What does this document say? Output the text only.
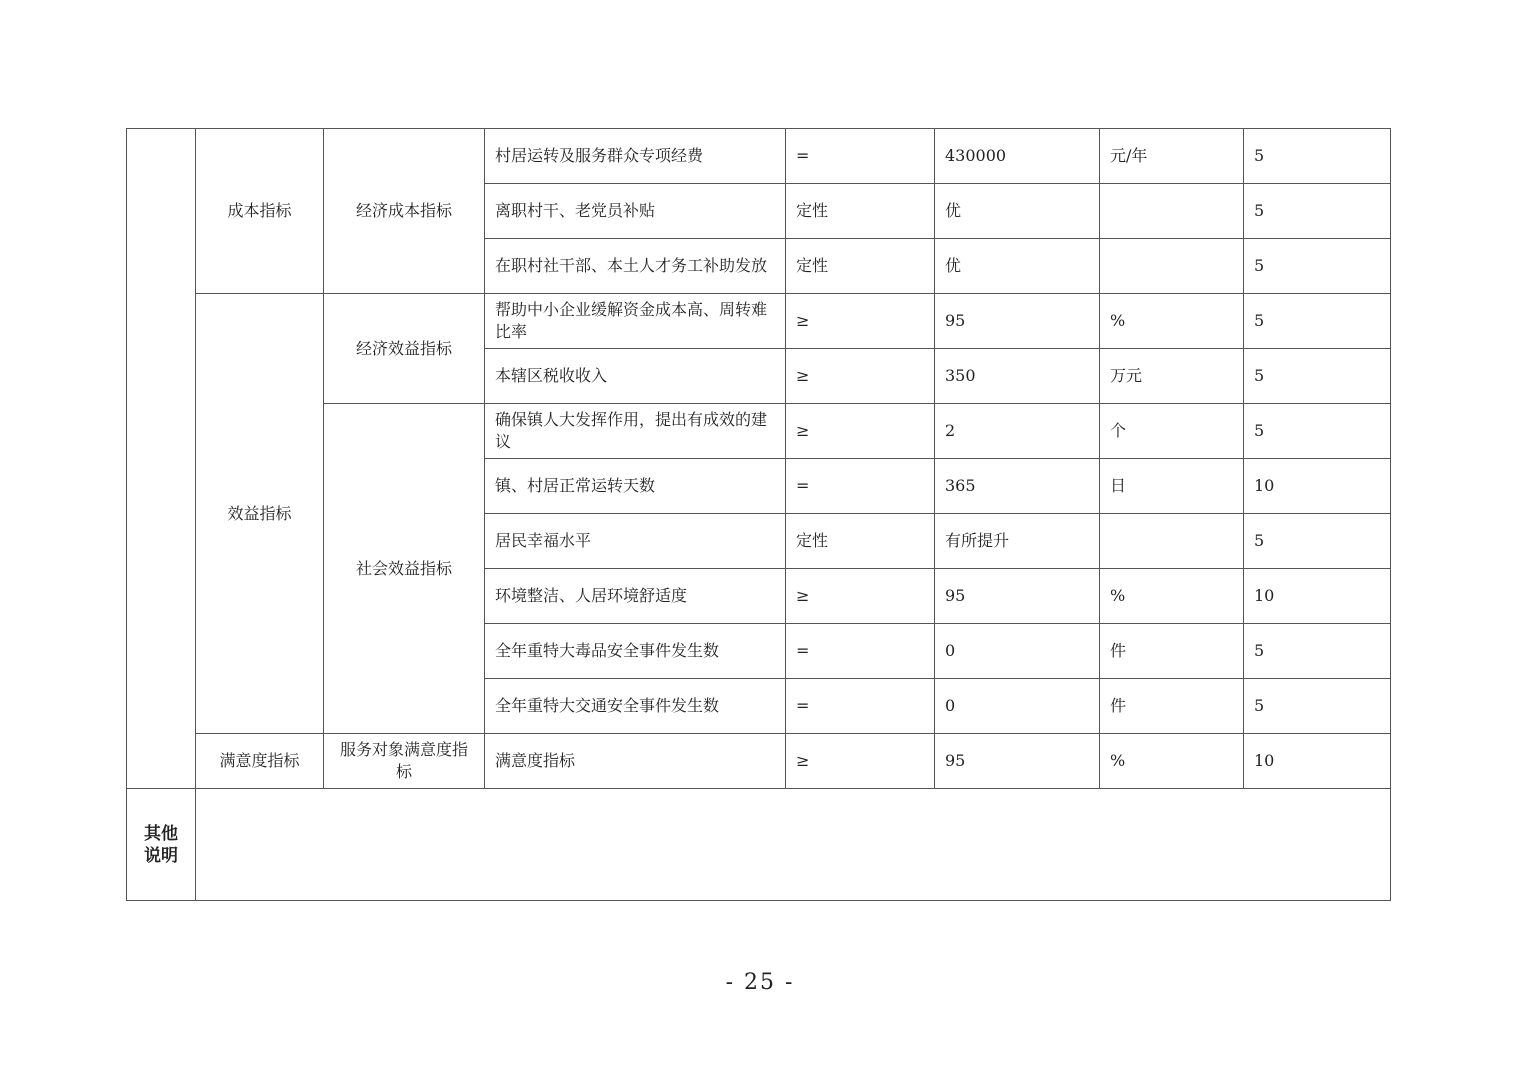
	成本指标	经济成本指标	村居运转及服务群众专项经费	=	430000	元/年	5
			离职村干、老党员补贴	定性	优		5
			在职村社干部、本土人才务工补助发放	定性	优		5
	效益指标	经济效益指标	帮助中小企业缓解资金成本高、周转难比率	≥	95	%	5
			本辖区税收收入	≥	350	万元	5
		社会效益指标	确保镇人大发挥作用，提出有成效的建议	≥	2	个	5
			镇、村居正常运转天数	=	365	日	10
			居民幸福水平	定性	有所提升		5
			环境整洁、人居环境舒适度	≥	95	%	10
			全年重特大毒品安全事件发生数	=	0	件	5
			全年重特大交通安全事件发生数	=	0	件	5
	满意度指标	服务对象满意度指标	满意度指标	≥	95	%	10

其他
说明							

- 25 -
